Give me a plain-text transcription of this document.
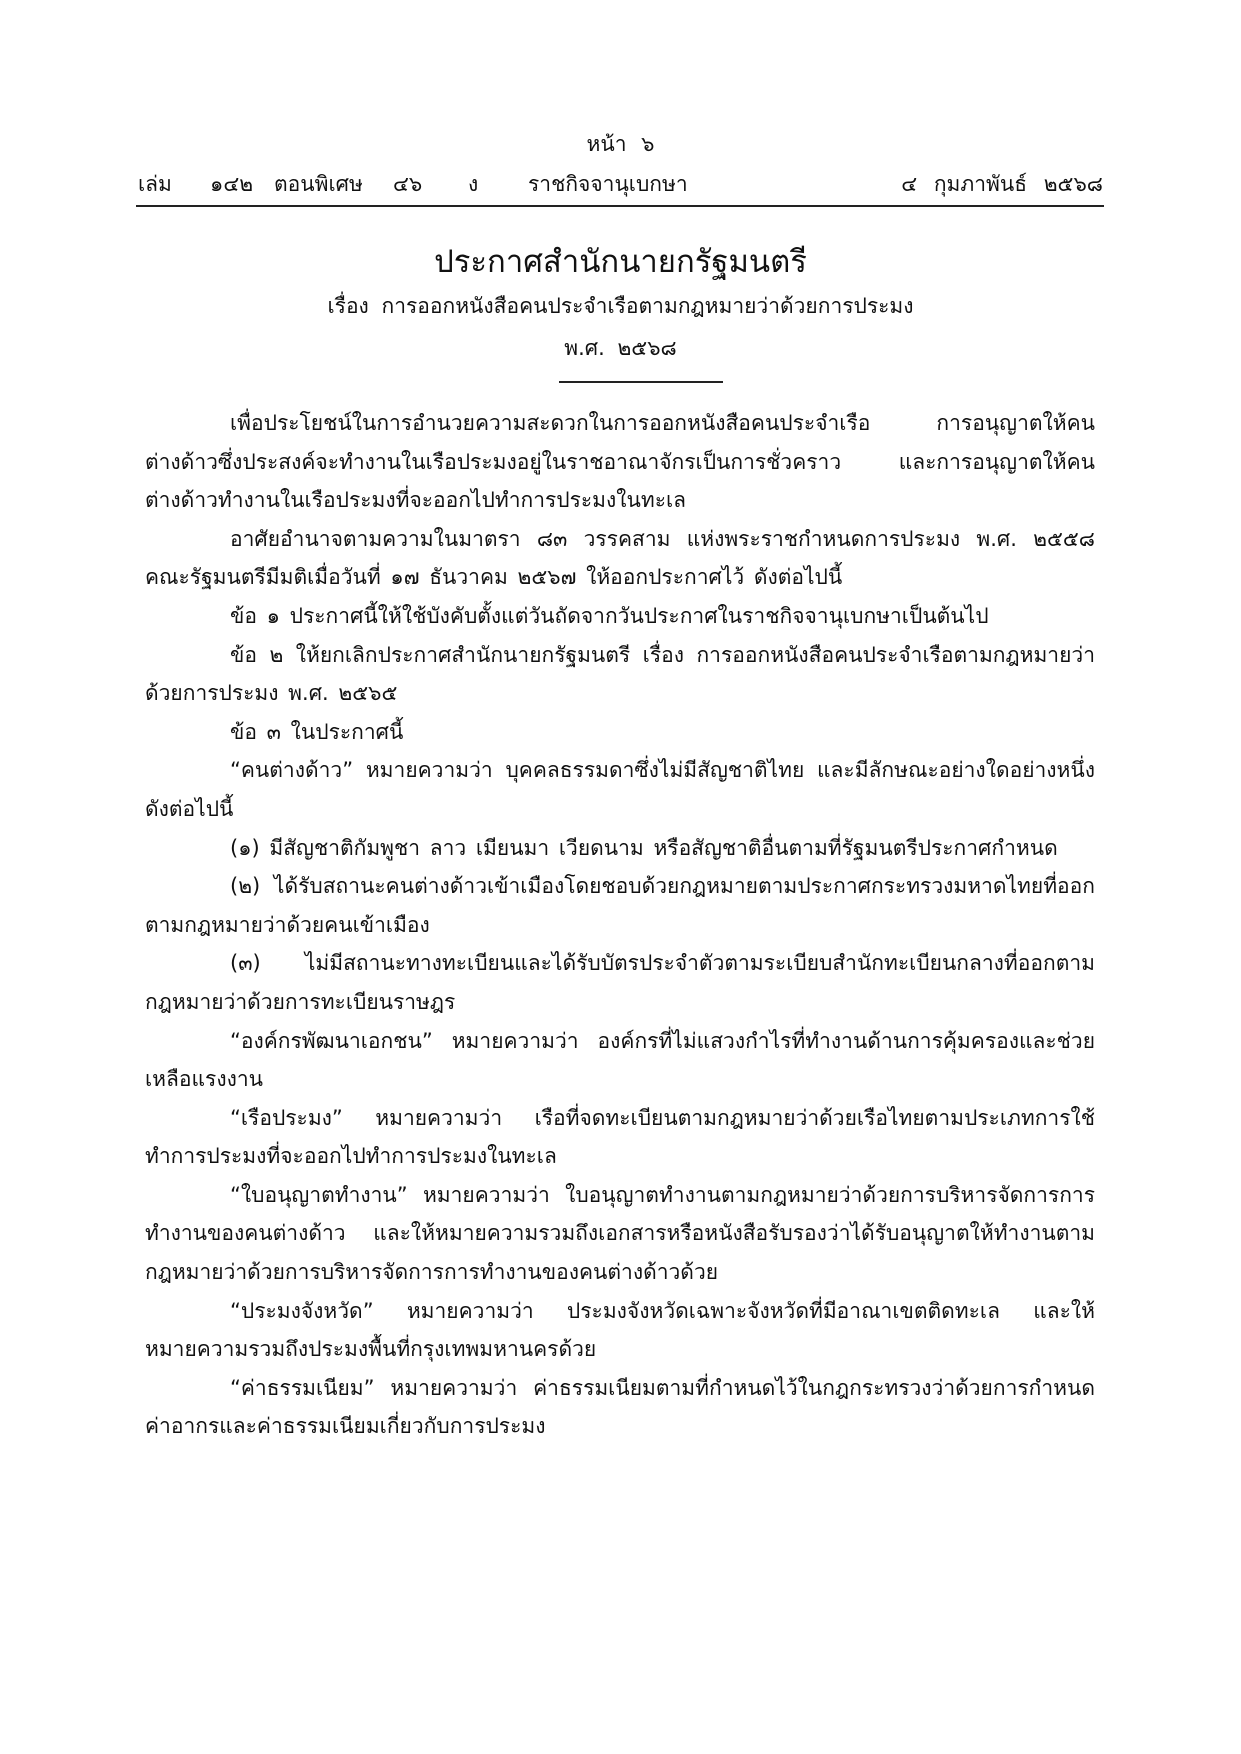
หน้า ๖
เล่ม ๑๔๒ ตอนพิเศษ ๔๖ ง ราชกิจจานุเบกษา	๔ กุมภาพันธ์ ๒๕๖๘
ประกาศสำนักนายกรัฐมนตรี
เรื่อง การออกหนังสือคนประจำเรือตามกฎหมายว่าด้วยการประมง
พ.ศ. ๒๕๖๘

เพื่อประโยชน์ในการอำนวยความสะดวกในการออกหนังสือคนประจำเรือ การอนุญาตให้คนต่างด้าวซึ่งประสงค์จะทำงานในเรือประมงอยู่ในราชอาณาจักรเป็นการชั่วคราว และการอนุญาตให้คนต่างด้าวทำงานในเรือประมงที่จะออกไปทำการประมงในทะเล

อาศัยอำนาจตามความในมาตรา ๘๓ วรรคสาม แห่งพระราชกำหนดการประมง พ.ศ. ๒๕๕๘ คณะรัฐมนตรีมีมติเมื่อวันที่ ๑๗ ธันวาคม ๒๕๖๗ ให้ออกประกาศไว้ ดังต่อไปนี้

ข้อ ๑ ประกาศนี้ให้ใช้บังคับตั้งแต่วันถัดจากวันประกาศในราชกิจจานุเบกษาเป็นต้นไป

ข้อ ๒ ให้ยกเลิกประกาศสำนักนายกรัฐมนตรี เรื่อง การออกหนังสือคนประจำเรือตามกฎหมายว่าด้วยการประมง พ.ศ. ๒๕๖๕

ข้อ ๓ ในประกาศนี้

“คนต่างด้าว” หมายความว่า บุคคลธรรมดาซึ่งไม่มีสัญชาติไทย และมีลักษณะอย่างใดอย่างหนึ่งดังต่อไปนี้

(๑) มีสัญชาติกัมพูชา ลาว เมียนมา เวียดนาม หรือสัญชาติอื่นตามที่รัฐมนตรีประกาศกำหนด

(๒) ได้รับสถานะคนต่างด้าวเข้าเมืองโดยชอบด้วยกฎหมายตามประกาศกระทรวงมหาดไทยที่ออกตามกฎหมายว่าด้วยคนเข้าเมือง

(๓) ไม่มีสถานะทางทะเบียนและได้รับบัตรประจำตัวตามระเบียบสำนักทะเบียนกลางที่ออกตามกฎหมายว่าด้วยการทะเบียนราษฎร

“องค์กรพัฒนาเอกชน” หมายความว่า องค์กรที่ไม่แสวงกำไรที่ทำงานด้านการคุ้มครองและช่วยเหลือแรงงาน

“เรือประมง” หมายความว่า เรือที่จดทะเบียนตามกฎหมายว่าด้วยเรือไทยตามประเภทการใช้ทำการประมงที่จะออกไปทำการประมงในทะเล

“ใบอนุญาตทำงาน” หมายความว่า ใบอนุญาตทำงานตามกฎหมายว่าด้วยการบริหารจัดการการทำงานของคนต่างด้าว และให้หมายความรวมถึงเอกสารหรือหนังสือรับรองว่าได้รับอนุญาตให้ทำงานตามกฎหมายว่าด้วยการบริหารจัดการการทำงานของคนต่างด้าวด้วย

“ประมงจังหวัด” หมายความว่า ประมงจังหวัดเฉพาะจังหวัดที่มีอาณาเขตติดทะเล และให้หมายความรวมถึงประมงพื้นที่กรุงเทพมหานครด้วย

“ค่าธรรมเนียม” หมายความว่า ค่าธรรมเนียมตามที่กำหนดไว้ในกฎกระทรวงว่าด้วยการกำหนดค่าอากรและค่าธรรมเนียมเกี่ยวกับการประมง
